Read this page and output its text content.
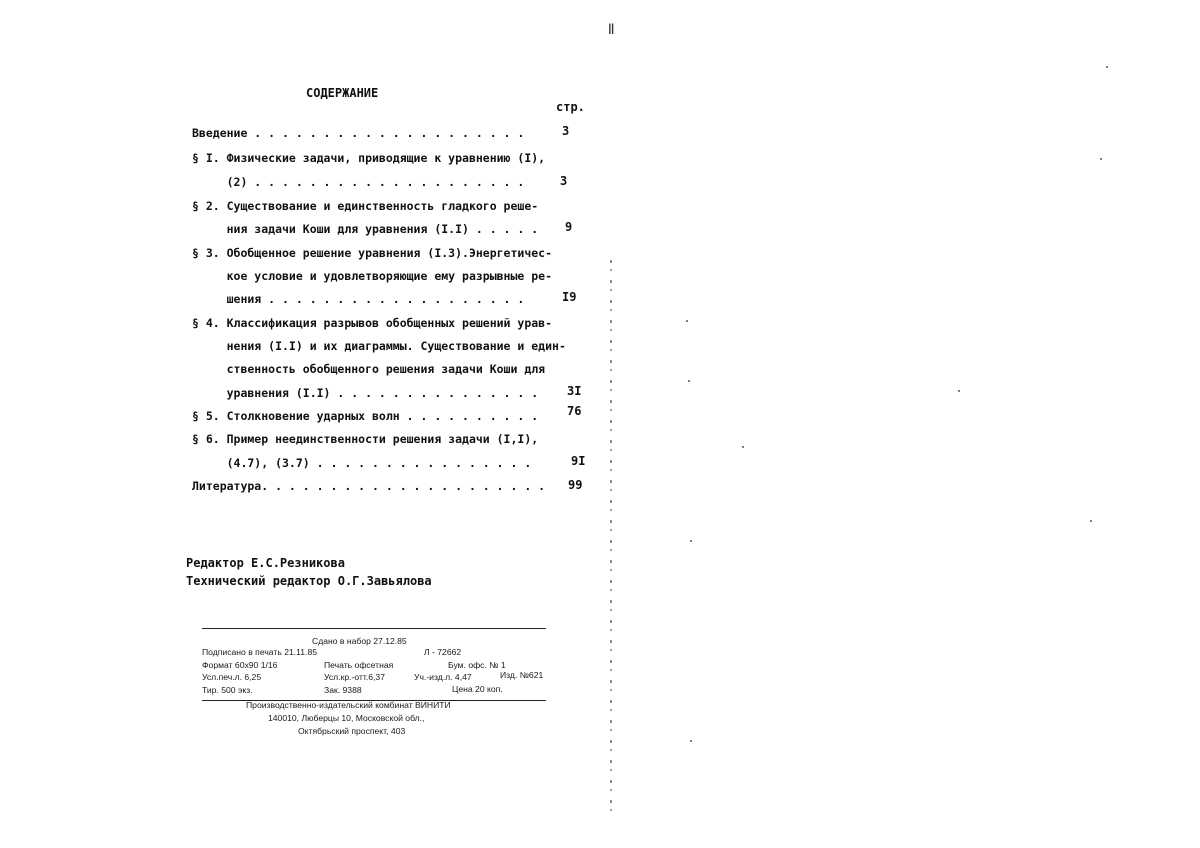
ǁ
СОДЕРЖАНИЕ
стр.
Введение . . . . . . . . . . . . . . . . . . . .	3
§ I. Физические задачи, приводящие к уравнению (I),
(2) . . . . . . . . . . . . . . . . . . . .	3
§ 2. Существование и единственность гладкого реше-
ния задачи Коши для уравнения (I.I) . . . . . 9
§ 3. Обобщенное решение уравнения (I.3).Энергетичес-
кое условие и удовлетворяющие ему разрывные ре-
шения . . . . . . . . . . . . . . . . . . .	I9
§ 4. Классификация разрывов обобщенных решений урав-
нения (I.I) и их диаграммы. Существование и един-
ственность обобщенного решения задачи Коши для
уравнения (I.I) . . . . . . . . . . . . . . . 3I
§ 5. Столкновение ударных волн . . . . . . . . . . 76
§ 6. Пример неединственности решения задачи (I,I),
(4.7), (3.7) . . . . . . . . . . . . . . . .	9I
Литература. . . . . . . . . . . . . . . . . . . . . 99
Редактор Е.С.Резникова
Технический редактор О.Г.Завьялова
Сдано в набор 27.12.85
Подписано в печать 21.11.85	Л - 72662
Формат 60x90 1/16	Печать офсетная	Бум. офс. № 1
Усл.печ.л. 6,25	Усл.кр.-отт.6,37	Уч.-изд.л. 4,47	Изд. №621
Тир. 500 экз.	Зак. 9388	Цена 20 коп.
Производственно-издательский комбинат ВИНИТИ
140010, Люберцы 10, Московской обл.,
Октябрьский проспект, 403
